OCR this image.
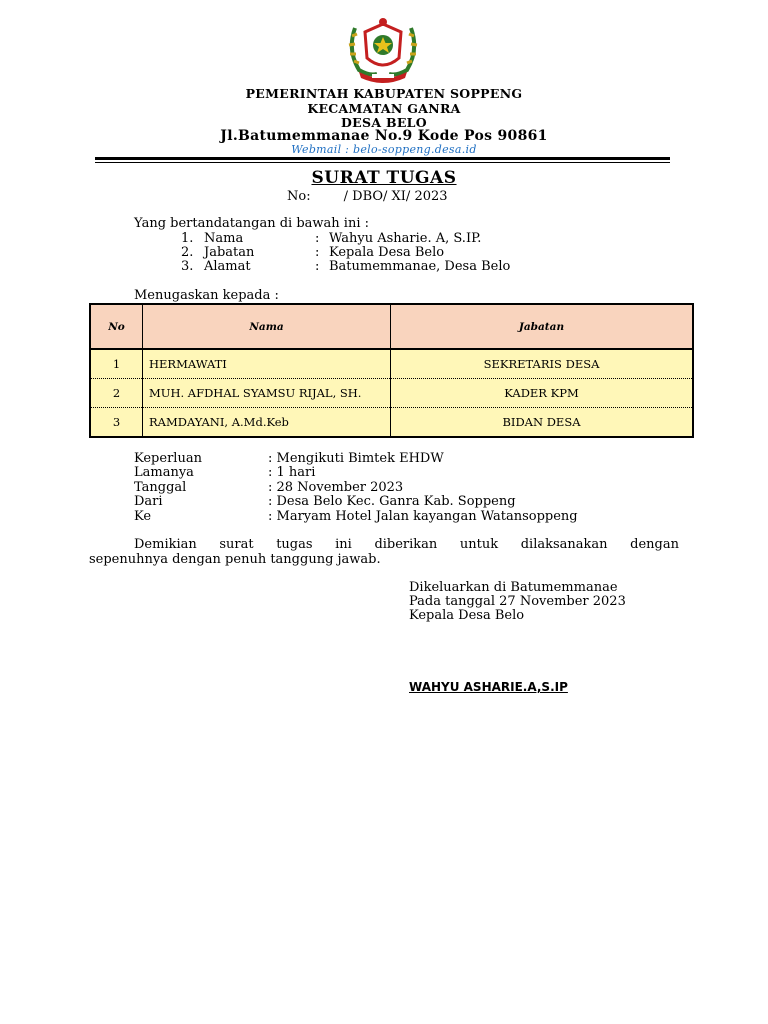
PEMERINTAH KABUPATEN SOPPENG
KECAMATAN GANRA
DESA BELO
Jl.Batumemmanae No.9 Kode Pos 90861
Webmail : belo-soppeng.desa.id
SURAT TUGAS
No:        / DBO/ XI/ 2023
Yang bertandatangan di bawah ini :
1. Nama	: Wahyu Asharie. A, S.IP.
2. Jabatan	: Kepala Desa Belo
3. Alamat	: Batumemmanae, Desa Belo
Menugaskan kepada :
No	Nama	Jabatan
1	HERMAWATI	SEKRETARIS DESA
2	MUH. AFDHAL SYAMSU RIJAL, SH.	KADER KPM
3	RAMDAYANI, A.Md.Keb	BIDAN DESA
Keperluan	: Mengikuti Bimtek EHDW
Lamanya	: 1 hari
Tanggal	: 28 November 2023
Dari	: Desa Belo Kec. Ganra Kab. Soppeng
Ke	: Maryam Hotel Jalan kayangan Watansoppeng
Demikian surat tugas ini diberikan untuk dilaksanakan dengan
sepenuhnya dengan penuh tanggung jawab.
Dikeluarkan di Batumemmanae
Pada tanggal 27 November 2023
Kepala Desa Belo
WAHYU ASHARIE.A,S.IP
